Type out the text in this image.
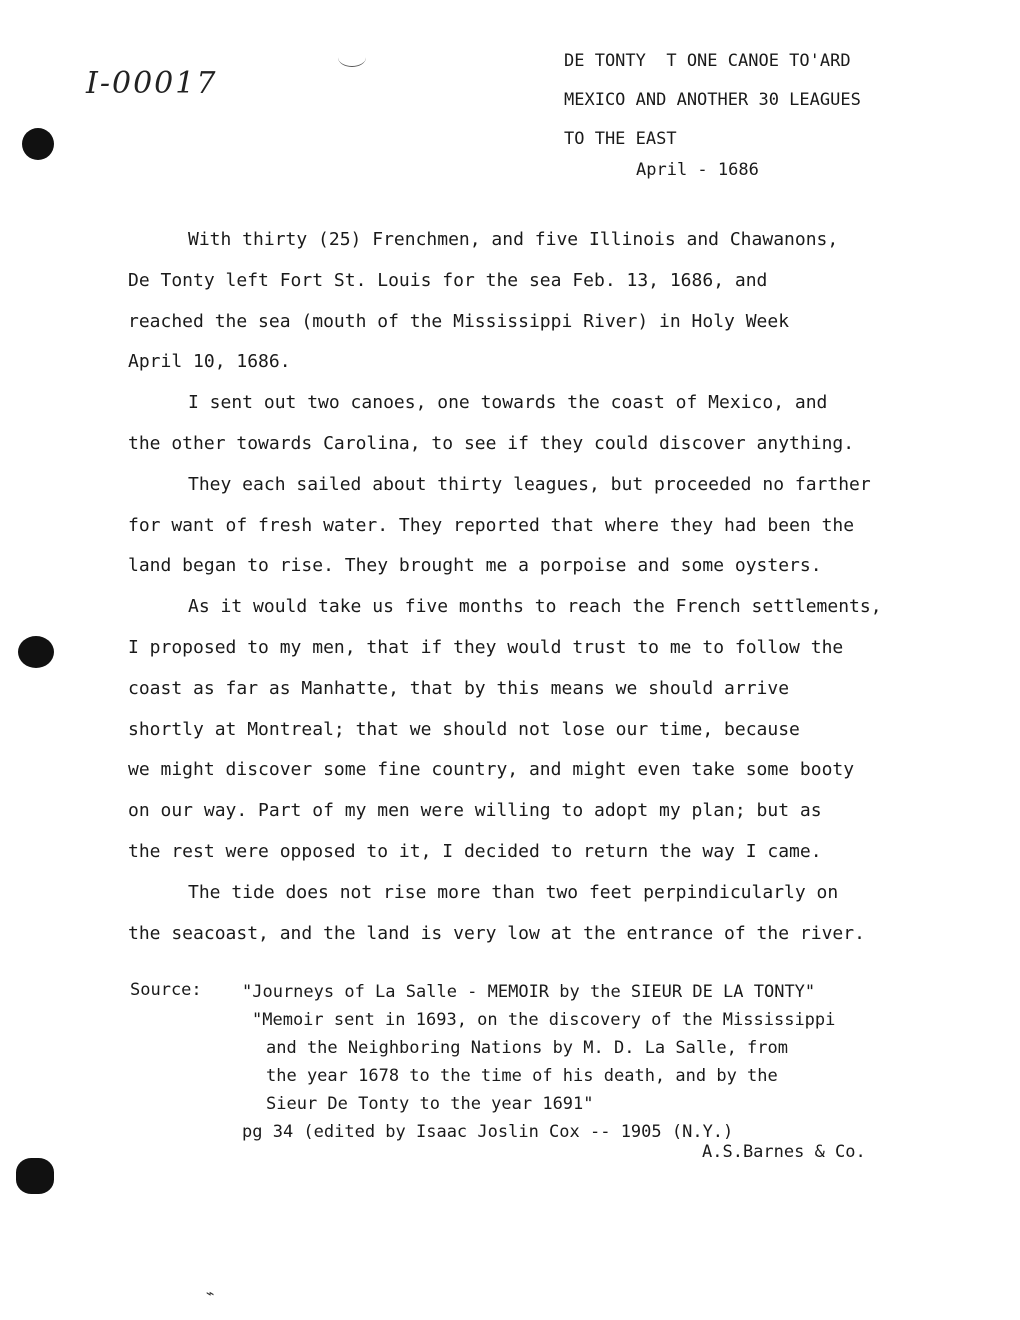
I-00017
DE TONTY  T ONE CANOE TO'ARD
MEXICO AND ANOTHER 30 LEAGUES
TO THE EAST
April - 1686
With thirty (25) Frenchmen, and five Illinois and Chawanons,
De Tonty left Fort St. Louis for the sea Feb. 13, 1686, and
reached the sea (mouth of the Mississippi River) in Holy Week
April 10, 1686.
I sent out two canoes, one towards the coast of Mexico, and
the other towards Carolina, to see if they could discover anything.
They each sailed about thirty leagues, but proceeded no farther
for want of fresh water. They reported that where they had been the
land began to rise. They brought me a porpoise and some oysters.
As it would take us five months to reach the French settlements,
I proposed to my men, that if they would trust to me to follow the
coast as far as Manhatte, that by this means we should arrive
shortly at Montreal; that we should not lose our time, because
we might discover some fine country, and might even take some booty
on our way. Part of my men were willing to adopt my plan; but as
the rest were opposed to it, I decided to return the way I came.
The tide does not rise more than two feet perpindicularly on
the seacoast, and the land is very low at the entrance of the river.
Source: "Journeys of La Salle - MEMOIR by the SIEUR DE LA TONTY"
"Memoir sent in 1693, on the discovery of the Mississippi
and the Neighboring Nations by M. D. La Salle, from
the year 1678 to the time of his death, and by the
Sieur De Tonty to the year 1691"
pg 34 (edited by Isaac Joslin Cox -- 1905 (N.Y.)
A.S.Barnes & Co.
⌁
